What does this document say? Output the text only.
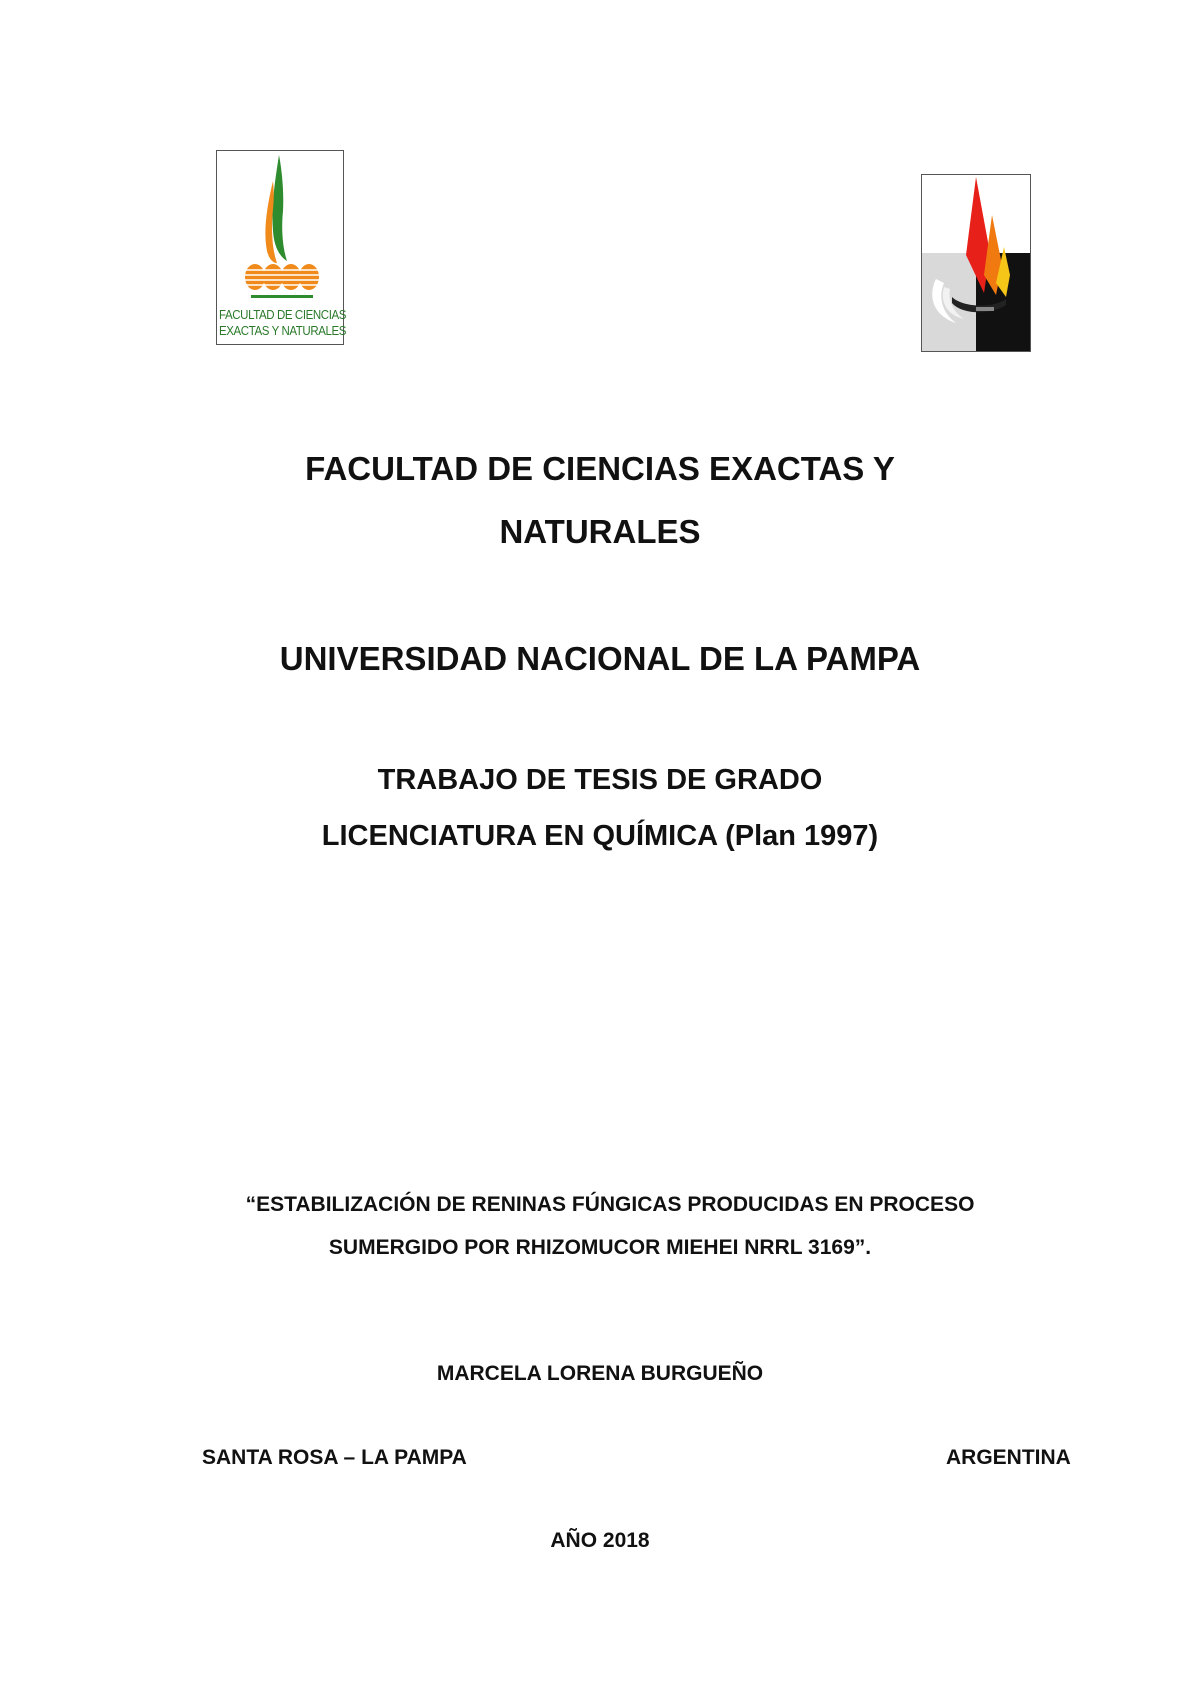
FACULTAD DE CIENCIAS
EXACTAS Y NATURALES
FACULTAD DE CIENCIAS EXACTAS Y
NATURALES
UNIVERSIDAD NACIONAL DE LA PAMPA
TRABAJO DE TESIS DE GRADO
LICENCIATURA EN QUÍMICA (Plan 1997)
“ESTABILIZACIÓN DE RENINAS FÚNGICAS PRODUCIDAS EN PROCESO
SUMERGIDO POR RHIZOMUCOR MIEHEI NRRL 3169”.
MARCELA LORENA BURGUEÑO
SANTA ROSA – LA PAMPA	ARGENTINA
AÑO 2018
